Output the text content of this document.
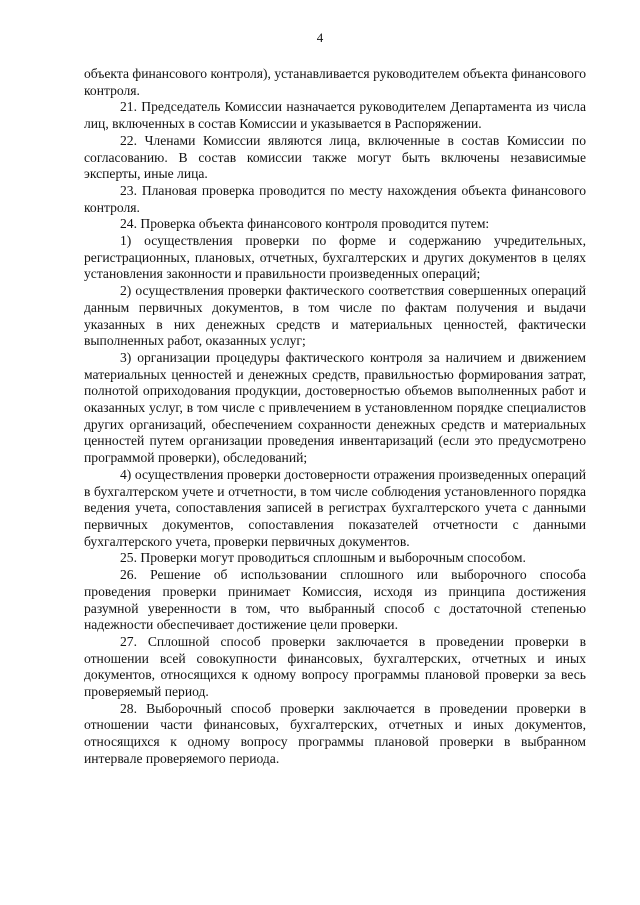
4

объекта финансового контроля), устанавливается руководителем объекта финансового контроля.

21. Председатель Комиссии назначается руководителем Департамента из числа лиц, включенных в состав Комиссии и указывается в Распоряжении.

22. Членами Комиссии являются лица, включенные в состав Комиссии по согласованию. В состав комиссии также могут быть включены независимые эксперты, иные лица.

23. Плановая проверка проводится по месту нахождения объекта финансового контроля.

24. Проверка объекта финансового контроля проводится путем:

1) осуществления проверки по форме и содержанию учредительных, регистрационных, плановых, отчетных, бухгалтерских и других документов в целях установления законности и правильности произведенных операций;

2) осуществления проверки фактического соответствия совершенных операций данным первичных документов, в том числе по фактам получения и выдачи указанных в них денежных средств и материальных ценностей, фактически выполненных работ, оказанных услуг;

3) организации процедуры фактического контроля за наличием и движением материальных ценностей и денежных средств, правильностью формирования затрат, полнотой оприходования продукции, достоверностью объемов выполненных работ и оказанных услуг, в том числе с привлечением в установленном порядке специалистов других организаций, обеспечением сохранности денежных средств и материальных ценностей путем организации проведения инвентаризаций (если это предусмотрено программой проверки), обследований;

4) осуществления проверки достоверности отражения произведенных операций в бухгалтерском учете и отчетности, в том числе соблюдения установленного порядка ведения учета, сопоставления записей в регистрах бухгалтерского учета с данными первичных документов, сопоставления показателей отчетности с данными бухгалтерского учета, проверки первичных документов.

25. Проверки могут проводиться сплошным и выборочным способом.

26. Решение об использовании сплошного или выборочного способа проведения проверки принимает Комиссия, исходя из принципа достижения разумной уверенности в том, что выбранный способ с достаточной степенью надежности обеспечивает достижение цели проверки.

27. Сплошной способ проверки заключается в проведении проверки в отношении всей совокупности финансовых, бухгалтерских, отчетных и иных документов, относящихся к одному вопросу программы плановой проверки за весь проверяемый период.

28. Выборочный способ проверки заключается в проведении проверки в отношении части финансовых, бухгалтерских, отчетных и иных документов, относящихся к одному вопросу программы плановой проверки в выбранном интервале проверяемого периода.
